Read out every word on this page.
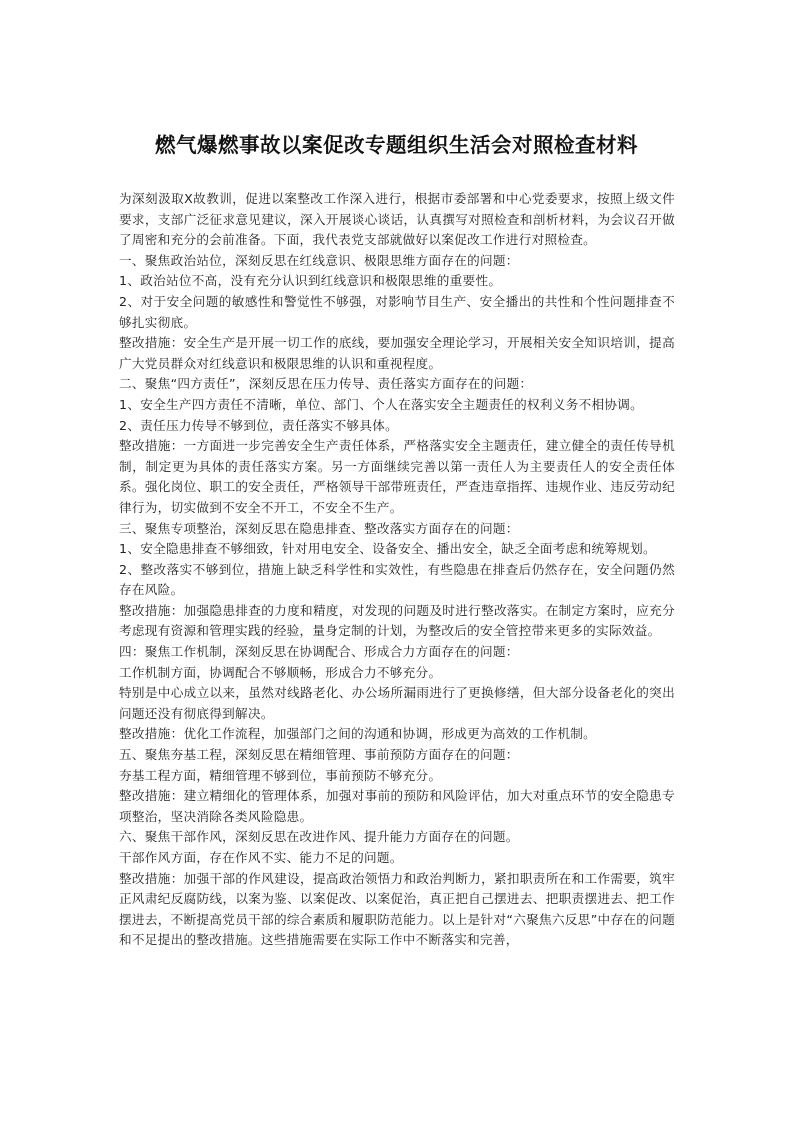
燃气爆燃事故以案促改专题组织生活会对照检查材料

为深刻汲取X故教训，促进以案整改工作深入进行，根据市委部署和中心党委要求，按照上级文件要求，支部广泛征求意见建议，深入开展谈心谈话，认真撰写对照检查和剖析材料，为会议召开做了周密和充分的会前准备。下面，我代表党支部就做好以案促改工作进行对照检查。

一、聚焦政治站位，深刻反思在红线意识、极限思维方面存在的问题：

1、政治站位不高，没有充分认识到红线意识和极限思维的重要性。

2、对于安全问题的敏感性和警觉性不够强，对影响节目生产、安全播出的共性和个性问题排查不够扎实彻底。

整改措施：安全生产是开展一切工作的底线，要加强安全理论学习，开展相关安全知识培训，提高广大党员群众对红线意识和极限思维的认识和重视程度。

二、聚焦“四方责任”，深刻反思在压力传导、责任落实方面存在的问题：

1、安全生产四方责任不清晰，单位、部门、个人在落实安全主题责任的权利义务不相协调。

2、责任压力传导不够到位，责任落实不够具体。

整改措施：一方面进一步完善安全生产责任体系，严格落实安全主题责任，建立健全的责任传导机制，制定更为具体的责任落实方案。另一方面继续完善以第一责任人为主要责任人的安全责任体系。强化岗位、职工的安全责任，严格领导干部带班责任，严查违章指挥、违规作业、违反劳动纪律行为，切实做到不安全不开工，不安全不生产。

三、聚焦专项整治，深刻反思在隐患排查、整改落实方面存在的问题：

1、安全隐患排查不够细致，针对用电安全、设备安全、播出安全，缺乏全面考虑和统筹规划。

2、整改落实不够到位，措施上缺乏科学性和实效性，有些隐患在排查后仍然存在，安全问题仍然存在风险。

整改措施：加强隐患排查的力度和精度，对发现的问题及时进行整改落实。在制定方案时，应充分考虑现有资源和管理实践的经验，量身定制的计划，为整改后的安全管控带来更多的实际效益。

四：聚焦工作机制，深刻反思在协调配合、形成合力方面存在的问题：

工作机制方面，协调配合不够顺畅，形成合力不够充分。

特别是中心成立以来，虽然对线路老化、办公场所漏雨进行了更换修缮，但大部分设备老化的突出问题还没有彻底得到解决。

整改措施：优化工作流程，加强部门之间的沟通和协调，形成更为高效的工作机制。

五、聚焦夯基工程，深刻反思在精细管理、事前预防方面存在的问题：

夯基工程方面，精细管理不够到位，事前预防不够充分。

整改措施：建立精细化的管理体系，加强对事前的预防和风险评估，加大对重点环节的安全隐患专项整治，坚决消除各类风险隐患。

六、聚焦干部作风，深刻反思在改进作风、提升能力方面存在的问题。

干部作风方面，存在作风不实、能力不足的问题。

整改措施：加强干部的作风建设，提高政治领悟力和政治判断力，紧扣职责所在和工作需要，筑牢正风肃纪反腐防线，以案为鉴、以案促改、以案促治，真正把自己摆进去、把职责摆进去、把工作摆进去，不断提高党员干部的综合素质和履职防范能力。以上是针对“六聚焦六反思”中存在的问题和不足提出的整改措施。这些措施需要在实际工作中不断落实和完善，
